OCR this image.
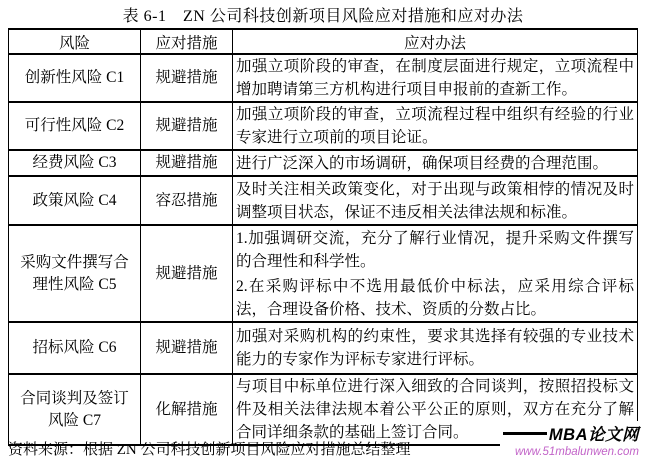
表 6-1　ZN 公司科技创新项目风险应对措施和应对办法
风险	应对措施	应对办法
创新性风险 C1	规避措施	加强立项阶段的审查，在制度层面进行规定，立项流程中增加聘请第三方机构进行项目申报前的查新工作。

可行性风险 C2	规避措施	加强立项阶段的审查，立项流程过程中组织有经验的行业专家进行立项前的项目论证。

经费风险 C3	规避措施	进行广泛深入的市场调研，确保项目经费的合理范围。

政策风险 C4	容忍措施	及时关注相关政策变化，对于出现与政策相悖的情况及时调整项目状态，保证不违反相关法律法规和标准。

采购文件撰写合理性风险 C5	规避措施	1.加强调研交流，充分了解行业情况，提升采购文件撰写的合理性和科学性。

2.在采购评标中不选用最低价中标法，应采用综合评标法，合理设备价格、技术、资质的分数占比。

招标风险 C6	规避措施	加强对采购机构的约束性，要求其选择有较强的专业技术能力的专家作为评标专家进行评标。

合同谈判及签订风险 C7	化解措施	与项目中标单位进行深入细致的合同谈判，按照招投标文件及相关法律法规本着公平公正的原则，双方在充分了解合同详细条款的基础上签订合同。

资料来源：根据 ZN 公司科技创新项目风险应对措施总结整理
MBA论文网
www.51mbalunwen.com
